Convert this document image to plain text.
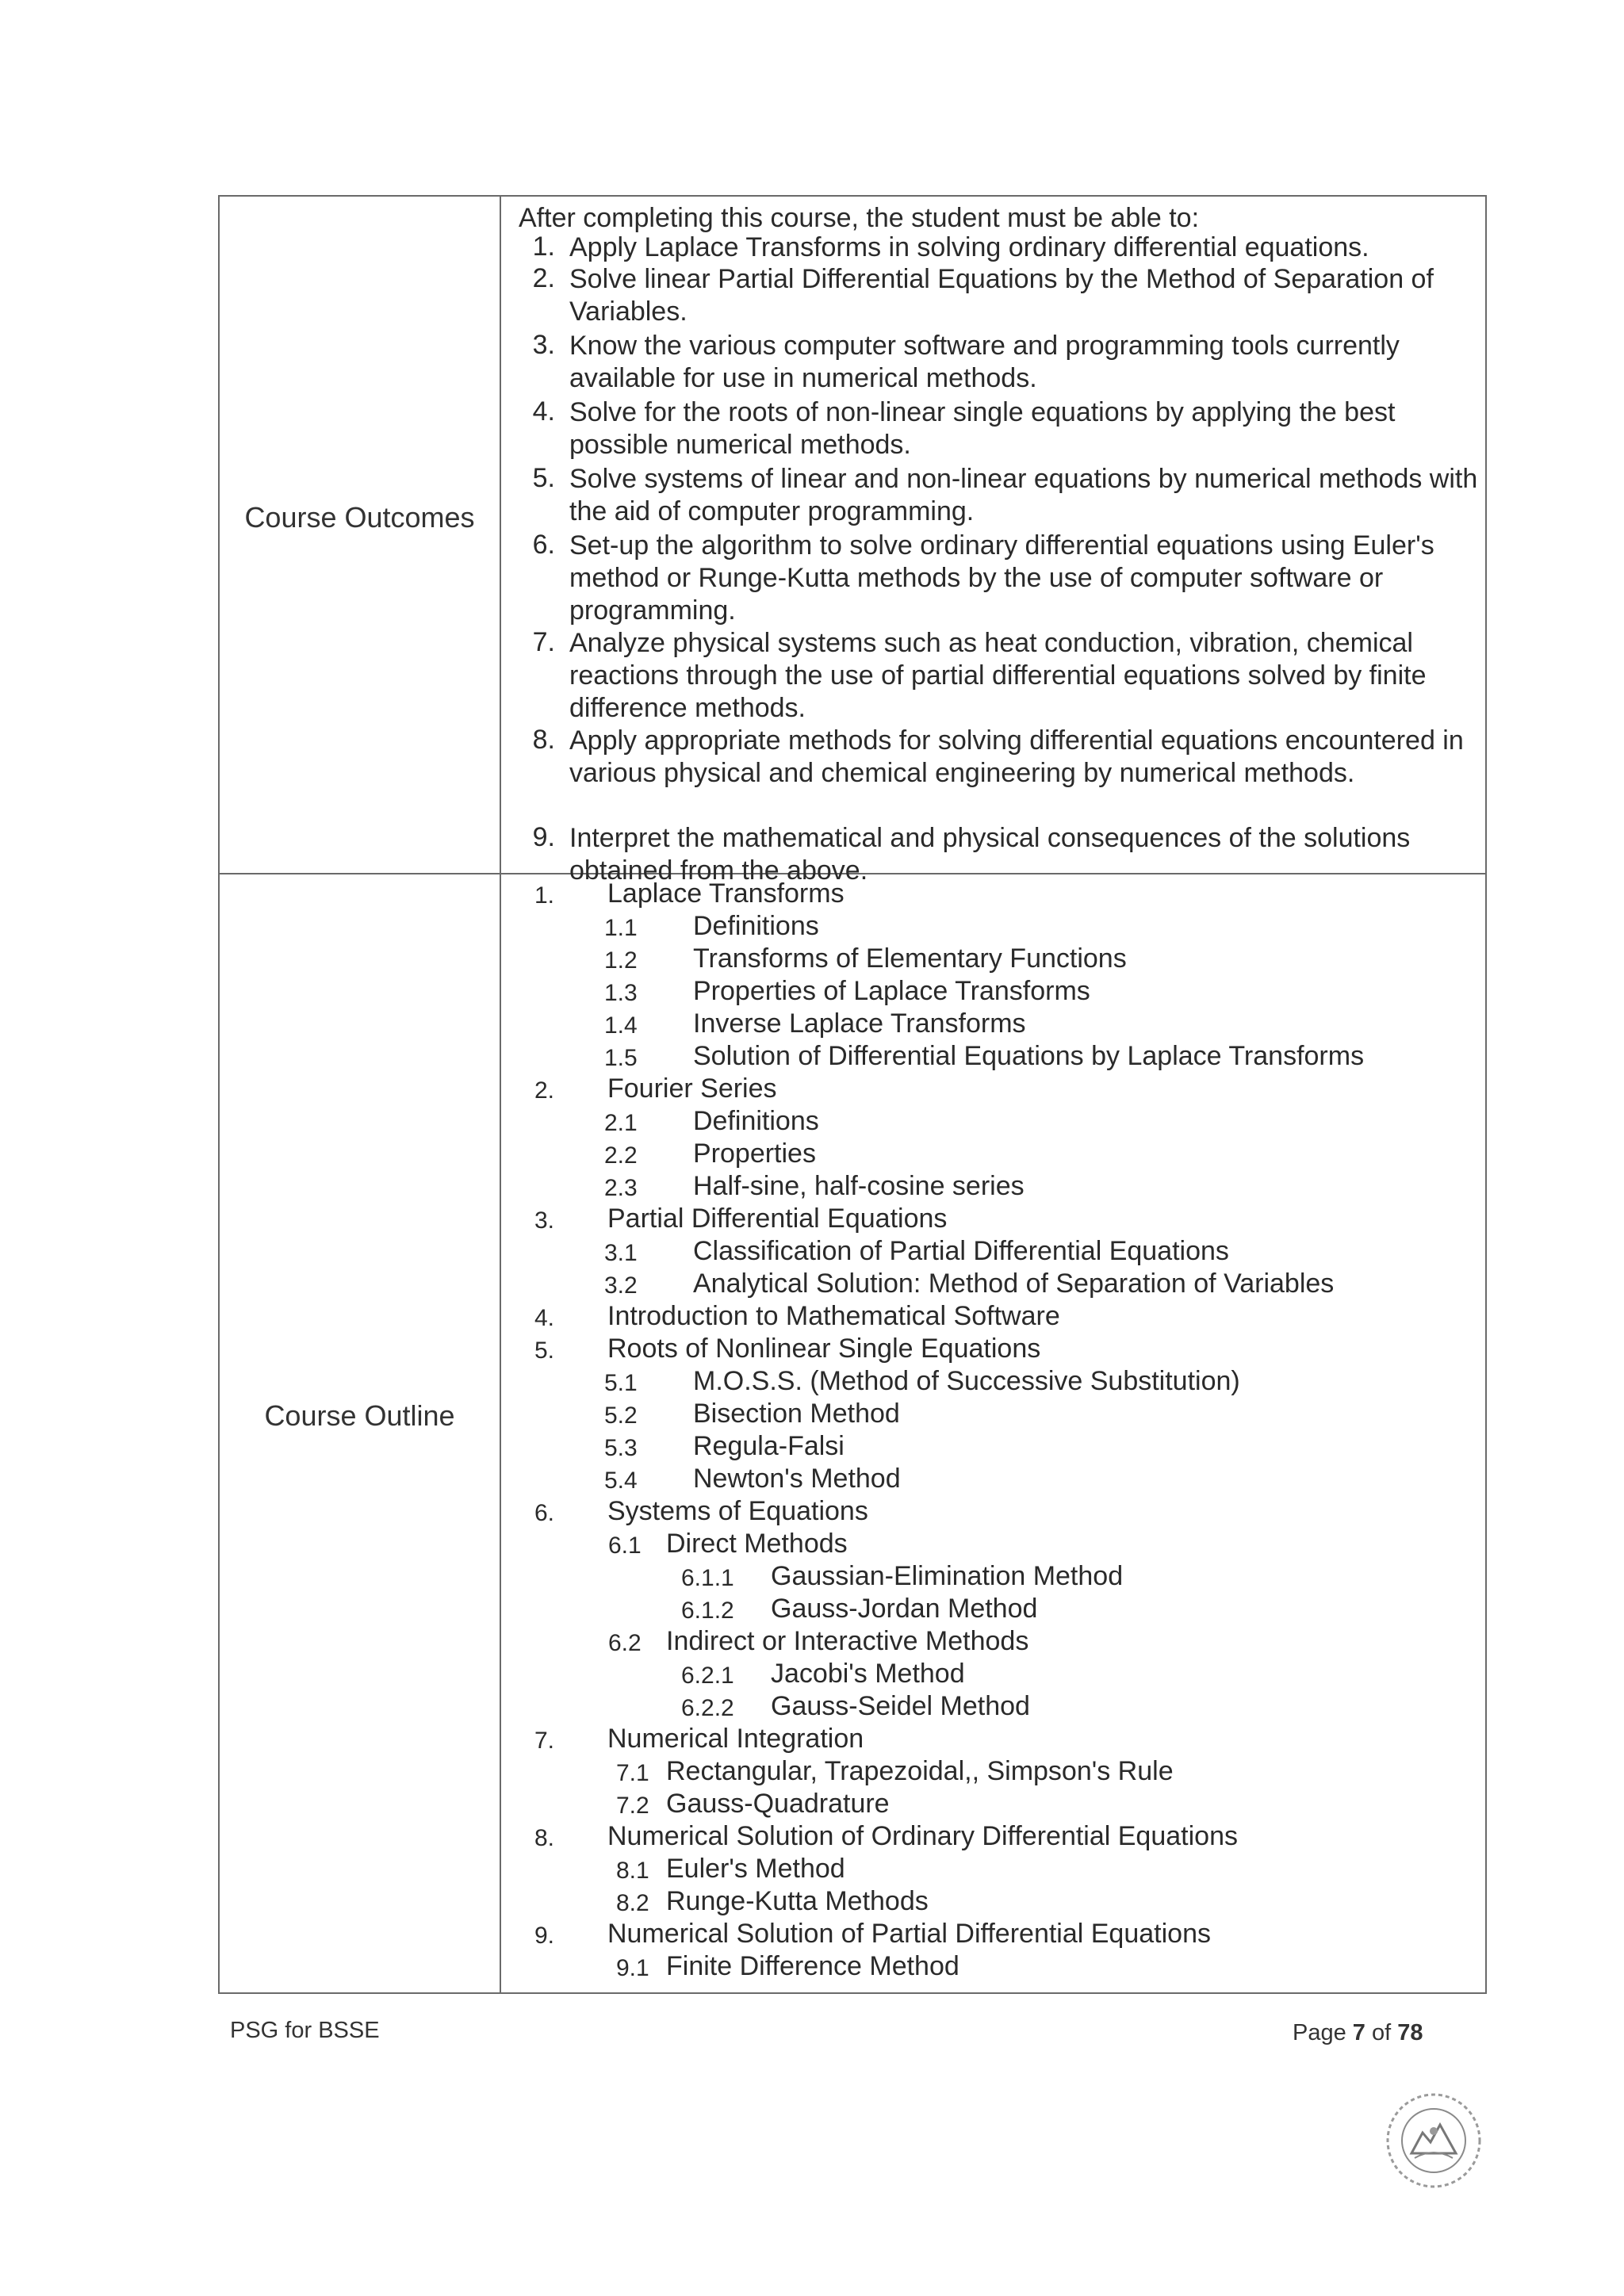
Course Outcomes
Course Outline
After completing this course, the student must be able to:
1. Apply Laplace Transforms in solving ordinary differential equations.
2. Solve linear Partial Differential Equations by the Method of Separation of Variables.
3. Know the various computer software and programming tools currently available for use in numerical methods.
4. Solve for the roots of non-linear single equations by applying the best possible numerical methods.
5. Solve systems of linear and non-linear equations by numerical methods with the aid of computer programming.
6. Set-up the algorithm to solve ordinary differential equations using Euler's method or Runge-Kutta methods by the use of computer software or programming.
7. Analyze physical systems such as heat conduction, vibration, chemical reactions through the use of partial differential equations solved by finite difference methods.
8. Apply appropriate methods for solving differential equations encountered in various physical and chemical engineering by numerical methods.
9. Interpret the mathematical and physical consequences of the solutions obtained from the above.
1. Laplace Transforms
1.1 Definitions
1.2 Transforms of Elementary Functions
1.3 Properties of Laplace Transforms
1.4 Inverse Laplace Transforms
1.5 Solution of Differential Equations by Laplace Transforms
2. Fourier Series
2.1 Definitions
2.2 Properties
2.3 Half-sine, half-cosine series
3. Partial Differential Equations
3.1 Classification of Partial Differential Equations
3.2 Analytical Solution: Method of Separation of Variables
4. Introduction to Mathematical Software
5. Roots of Nonlinear Single Equations
5.1 M.O.S.S. (Method of Successive Substitution)
5.2 Bisection Method
5.3 Regula-Falsi
5.4 Newton's Method
6. Systems of Equations
6.1 Direct Methods
6.1.1 Gaussian-Elimination Method
6.1.2 Gauss-Jordan Method
6.2 Indirect or Interactive Methods
6.2.1 Jacobi's Method
6.2.2 Gauss-Seidel Method
7. Numerical Integration
7.1 Rectangular, Trapezoidal,, Simpson's Rule
7.2 Gauss-Quadrature
8. Numerical Solution of Ordinary Differential Equations
8.1 Euler's Method
8.2 Runge-Kutta Methods
9. Numerical Solution of Partial Differential Equations
9.1 Finite Difference Method
PSG for BSSE	Page 7 of 78
